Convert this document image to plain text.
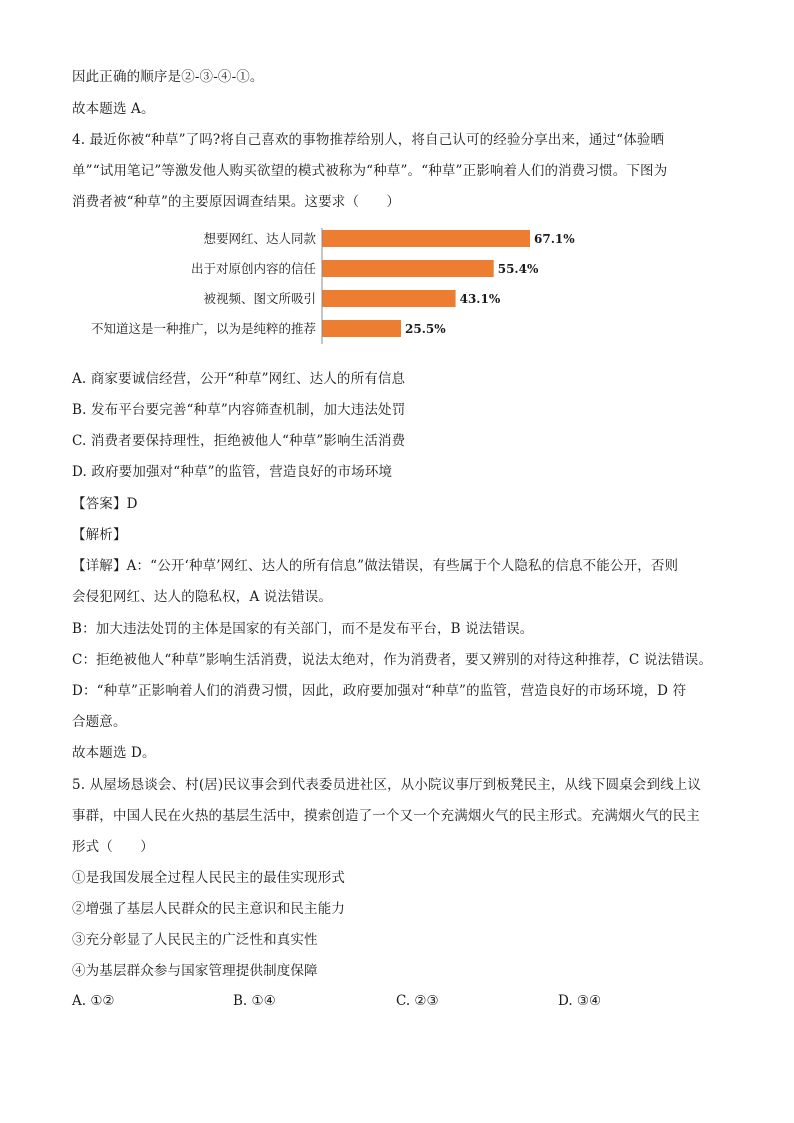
因此正确的顺序是②-③-④-①。
故本题选 A。
4. 最近你被“种草”了吗?将自己喜欢的事物推荐给别人，将自己认可的经验分享出来，通过“体验晒
单”“试用笔记”等激发他人购买欲望的模式被称为“种草”。“种草”正影响着人们的消费习惯。下图为
消费者被“种草”的主要原因调查结果。这要求（　　）
想要网红、达人同款	67.1%
出于对原创内容的信任	55.4%
被视频、图文所吸引	43.1%
不知道这是一种推广，以为是纯粹的推荐	25.5%
A. 商家要诚信经营，公开“种草”网红、达人的所有信息
B. 发布平台要完善“种草”内容筛查机制，加大违法处罚
C. 消费者要保持理性，拒绝被他人“种草”影响生活消费
D. 政府要加强对“种草”的监管，营造良好的市场环境
【答案】D
【解析】
【详解】A：“公开‘种草’网红、达人的所有信息”做法错误，有些属于个人隐私的信息不能公开，否则
会侵犯网红、达人的隐私权，A 说法错误。
B：加大违法处罚的主体是国家的有关部门，而不是发布平台，B 说法错误。
C：拒绝被他人“种草”影响生活消费，说法太绝对，作为消费者，要又辨别的对待这种推荐，C 说法错误。
D：“种草”正影响着人们的消费习惯，因此，政府要加强对“种草”的监管，营造良好的市场环境，D 符
合题意。
故本题选 D。
5. 从屋场恳谈会、村(居)民议事会到代表委员进社区，从小院议事厅到板凳民主，从线下圆桌会到线上议
事群，中国人民在火热的基层生活中，摸索创造了一个又一个充满烟火气的民主形式。充满烟火气的民主
形式（　　）
①是我国发展全过程人民民主的最佳实现形式
②增强了基层人民群众的民主意识和民主能力
③充分彰显了人民民主的广泛性和真实性
④为基层群众参与国家管理提供制度保障
A. ①②	B. ①④	C. ②③	D. ③④
